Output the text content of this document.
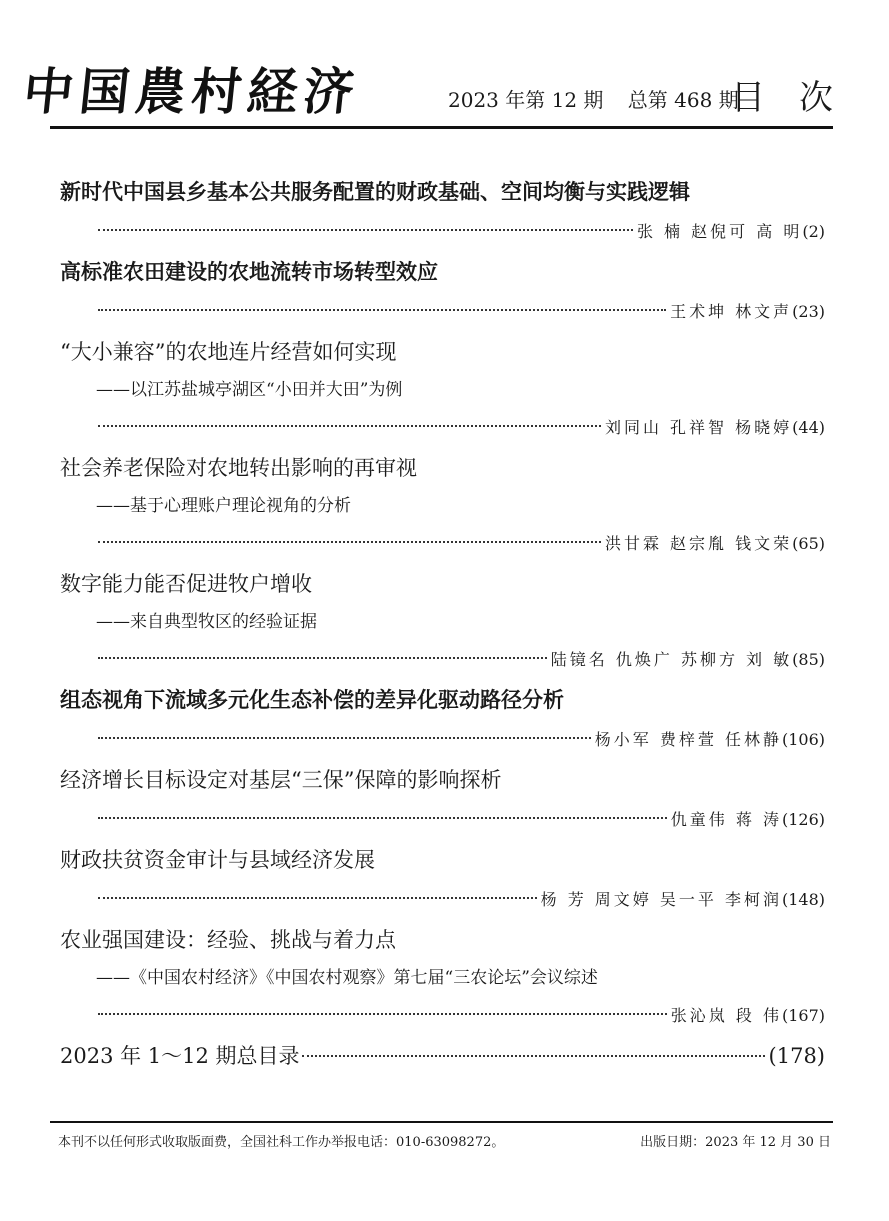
中国農村経济	2023 年第 12 期 总第 468 期
目次
新时代中国县乡基本公共服务配置的财政基础、空间均衡与实践逻辑
张 楠 赵倪可 高 明 (2)
高标准农田建设的农地流转市场转型效应
王术坤 林文声 (23)
“大小兼容”的农地连片经营如何实现
——以江苏盐城亭湖区“小田并大田”为例
刘同山 孔祥智 杨晓婷 (44)
社会养老保险对农地转出影响的再审视
——基于心理账户理论视角的分析
洪甘霖 赵宗胤 钱文荣 (65)
数字能力能否促进牧户增收
——来自典型牧区的经验证据
陆镜名 仇焕广 苏柳方 刘 敏 (85)
组态视角下流域多元化生态补偿的差异化驱动路径分析
杨小军 费梓萱 任林静 (106)
经济增长目标设定对基层“三保”保障的影响探析
仇童伟 蒋 涛 (126)
财政扶贫资金审计与县域经济发展
杨 芳 周文婷 吴一平 李柯润 (148)
农业强国建设：经验、挑战与着力点
——《中国农村经济》《中国农村观察》第七届“三农论坛”会议综述
张沁岚 段 伟 (167)
2023 年 1～12 期总目录	(178)
本刊不以任何形式收取版面费，全国社科工作办举报电话：010-63098272。	出版日期：2023 年 12 月 30 日
